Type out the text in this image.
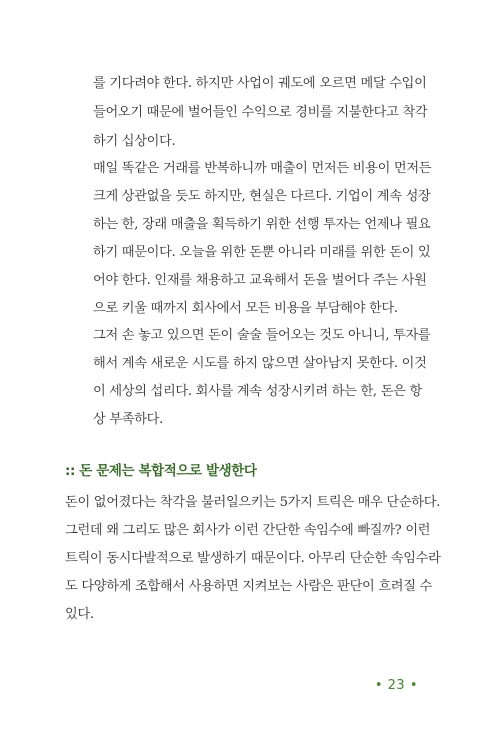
를 기다려야 한다. 하지만 사업이 궤도에 오르면 메달 수입이
들어오기 때문에 벌어들인 수익으로 경비를 지불한다고 착각
하기 십상이다.
매일 똑같은 거래를 반복하니까 매출이 먼저든 비용이 먼저든
크게 상관없을 듯도 하지만, 현실은 다르다. 기업이 계속 성장
하는 한, 장래 매출을 획득하기 위한 선행 투자는 언제나 필요
하기 때문이다. 오늘을 위한 돈뿐 아니라 미래를 위한 돈이 있
어야 한다. 인재를 채용하고 교육해서 돈을 벌어다 주는 사원
으로 키울 때까지 회사에서 모든 비용을 부담해야 한다.
그저 손 놓고 있으면 돈이 술술 들어오는 것도 아니니, 투자를
해서 계속 새로운 시도를 하지 않으면 살아남지 못한다. 이것
이 세상의 섭리다. 회사를 계속 성장시키려 하는 한, 돈은 항
상 부족하다.
:: 돈 문제는 복합적으로 발생한다
돈이 없어졌다는 착각을 불러일으키는 5가지 트릭은 매우 단순하다.
그런데 왜 그리도 많은 회사가 이런 간단한 속임수에 빠질까? 이런
트릭이 동시다발적으로 발생하기 때문이다. 아무리 단순한 속임수라
도 다양하게 조합해서 사용하면 지켜보는 사람은 판단이 흐려질 수
있다.
• 23 •
